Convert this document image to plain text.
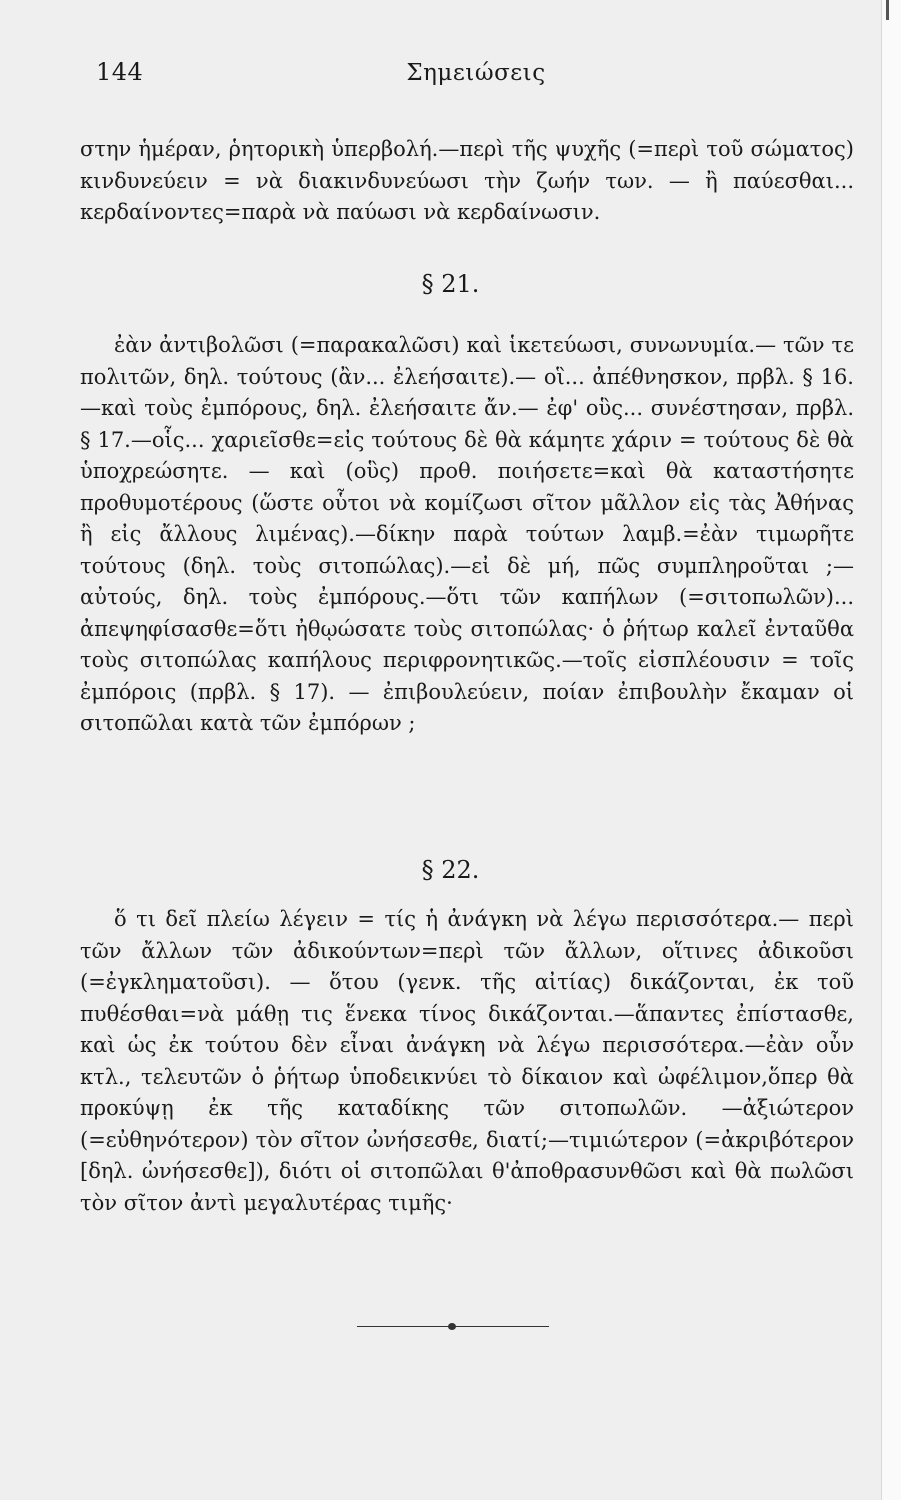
144	Σημειώσεις

στην ἡμέραν, ῥητορικὴ ὑπερβολή.—περὶ τῆς ψυχῆς (=περὶ τοῦ σώματος) κινδυνεύειν = νὰ διακινδυνεύωσι τὴν ζωήν των. — ἢ παύεσθαι... κερδαίνοντες=παρὰ νὰ παύωσι νὰ κερδαίνωσιν.

§ 21.

ἐὰν ἀντιβολῶσι (=παρακαλῶσι) καὶ ἱκετεύωσι, συνωνυμία.— τῶν τε πολιτῶν, δηλ. τούτους (ἂν... ἐλεήσαιτε).— οἳ... ἀπέθνησκον, πρβλ. § 16.—καὶ τοὺς ἐμπόρους, δηλ. ἐλεήσαιτε ἄν.— ἐφ' οὓς... συνέστησαν, πρβλ. § 17.—οἷς... χαριεῖσθε=εἰς τούτους δὲ θὰ κάμητε χάριν = τούτους δὲ θὰ ὑποχρεώσητε. — καὶ (οὓς) προθ. ποιήσετε=καὶ θὰ καταστήσητε προθυμοτέρους (ὥστε οὗτοι νὰ κομίζωσι σῖτον μᾶλλον εἰς τὰς Ἀθήνας ἢ εἰς ἄλλους λιμένας).—δίκην παρὰ τούτων λαμβ.=ἐὰν τιμωρῆτε τούτους (δηλ. τοὺς σιτοπώλας).—εἰ δὲ μή, πῶς συμπληροῦται ;—αὐτούς, δηλ. τοὺς ἐμπόρους.—ὅτι τῶν καπήλων (=σιτοπωλῶν)... ἀπεψηφίσασθε=ὅτι ἠθῳώσατε τοὺς σιτοπώλας· ὁ ῥήτωρ καλεῖ ἐνταῦθα τοὺς σιτοπώλας καπήλους περιφρονητικῶς.—τοῖς εἰσπλέουσιν = τοῖς ἐμπόροις (πρβλ. § 17). — ἐπιβουλεύειν, ποίαν ἐπιβουλὴν ἔκαμαν οἱ σιτοπῶλαι κατὰ τῶν ἐμπόρων ;

§ 22.

ὅ τι δεῖ πλείω λέγειν = τίς ἡ ἀνάγκη νὰ λέγω περισσότερα.— περὶ τῶν ἄλλων τῶν ἀδικούντων=περὶ τῶν ἄλλων, οἵτινες ἀδικοῦσι (=ἐγκληματοῦσι). — ὅτου (γενκ. τῆς αἰτίας) δικάζονται, ἐκ τοῦ πυθέσθαι=νὰ μάθῃ τις ἕνεκα τίνος δικάζονται.—ἅπαντες ἐπίστασθε, καὶ ὡς ἐκ τούτου δὲν εἶναι ἀνάγκη νὰ λέγω περισσότερα.—ἐὰν οὖν κτλ., τελευτῶν ὁ ῥήτωρ ὑποδεικνύει τὸ δίκαιον καὶ ὠφέλιμον,ὅπερ θὰ προκύψῃ ἐκ τῆς καταδίκης τῶν σιτοπωλῶν. —ἀξιώτερον (=εὐθηνότερον) τὸν σῖτον ὠνήσεσθε, διατί;—τιμιώτερον (=ἀκριβότερον [δηλ. ὠνήσεσθε]), διότι οἱ σιτοπῶλαι θ'ἀποθρασυνθῶσι καὶ θὰ πωλῶσι τὸν σῖτον ἀντὶ μεγαλυτέρας τιμῆς·
